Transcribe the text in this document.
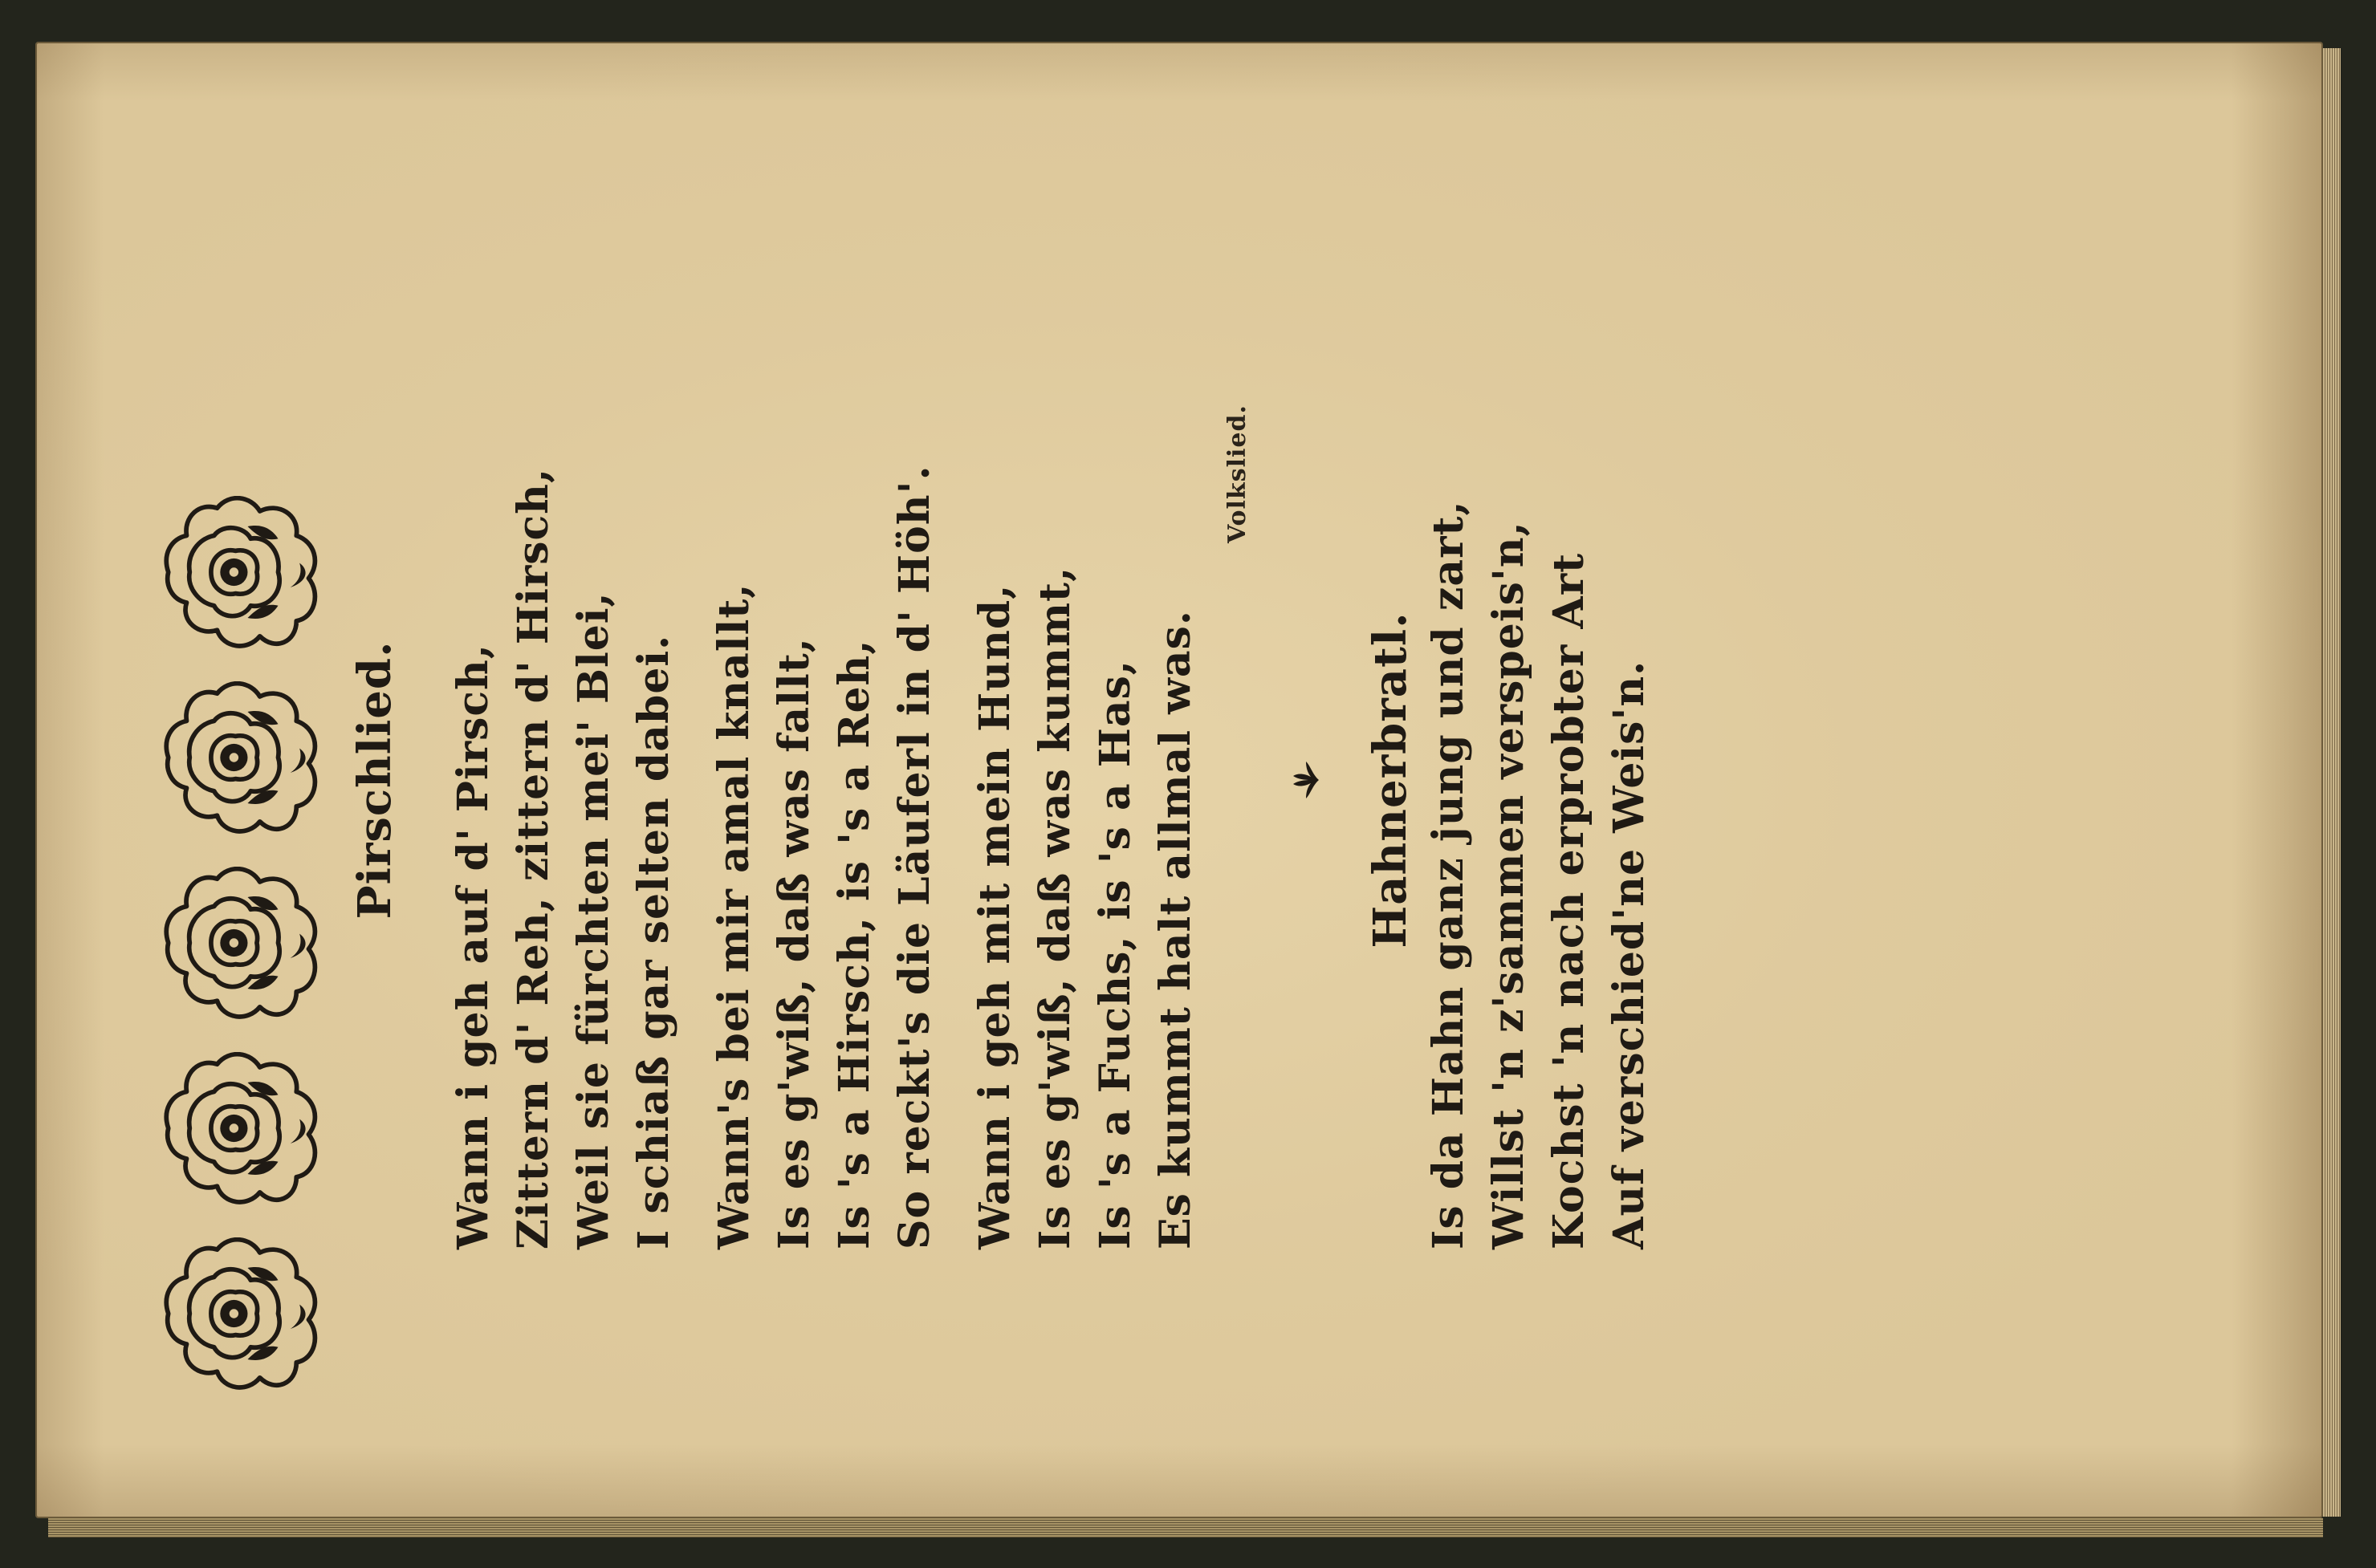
Pirschlied. Wann i geh auf d' Pirsch, Zittern d' Reh, zittern d' Hirsch, Weil sie fürchten mei' Blei, I schiaß gar selten dabei. Wann's bei mir amal knallt, Is es g'wiß, daß was fallt, Is 's a Hirsch, is 's a Reh, So reckt's die Läuferl in d' Höh'. Wann i geh mit mein Hund, Is es g'wiß, daß was kummt, Is 's a Fuchs, is 's a Has, Es kummt halt allmal was.
Volkslied.
Hahnerbratl. Is da Hahn ganz jung und zart, Willst 'n z'sammen verspeis'n, Kochst 'n nach erprobter Art Auf verschied'ne Weis'n.
